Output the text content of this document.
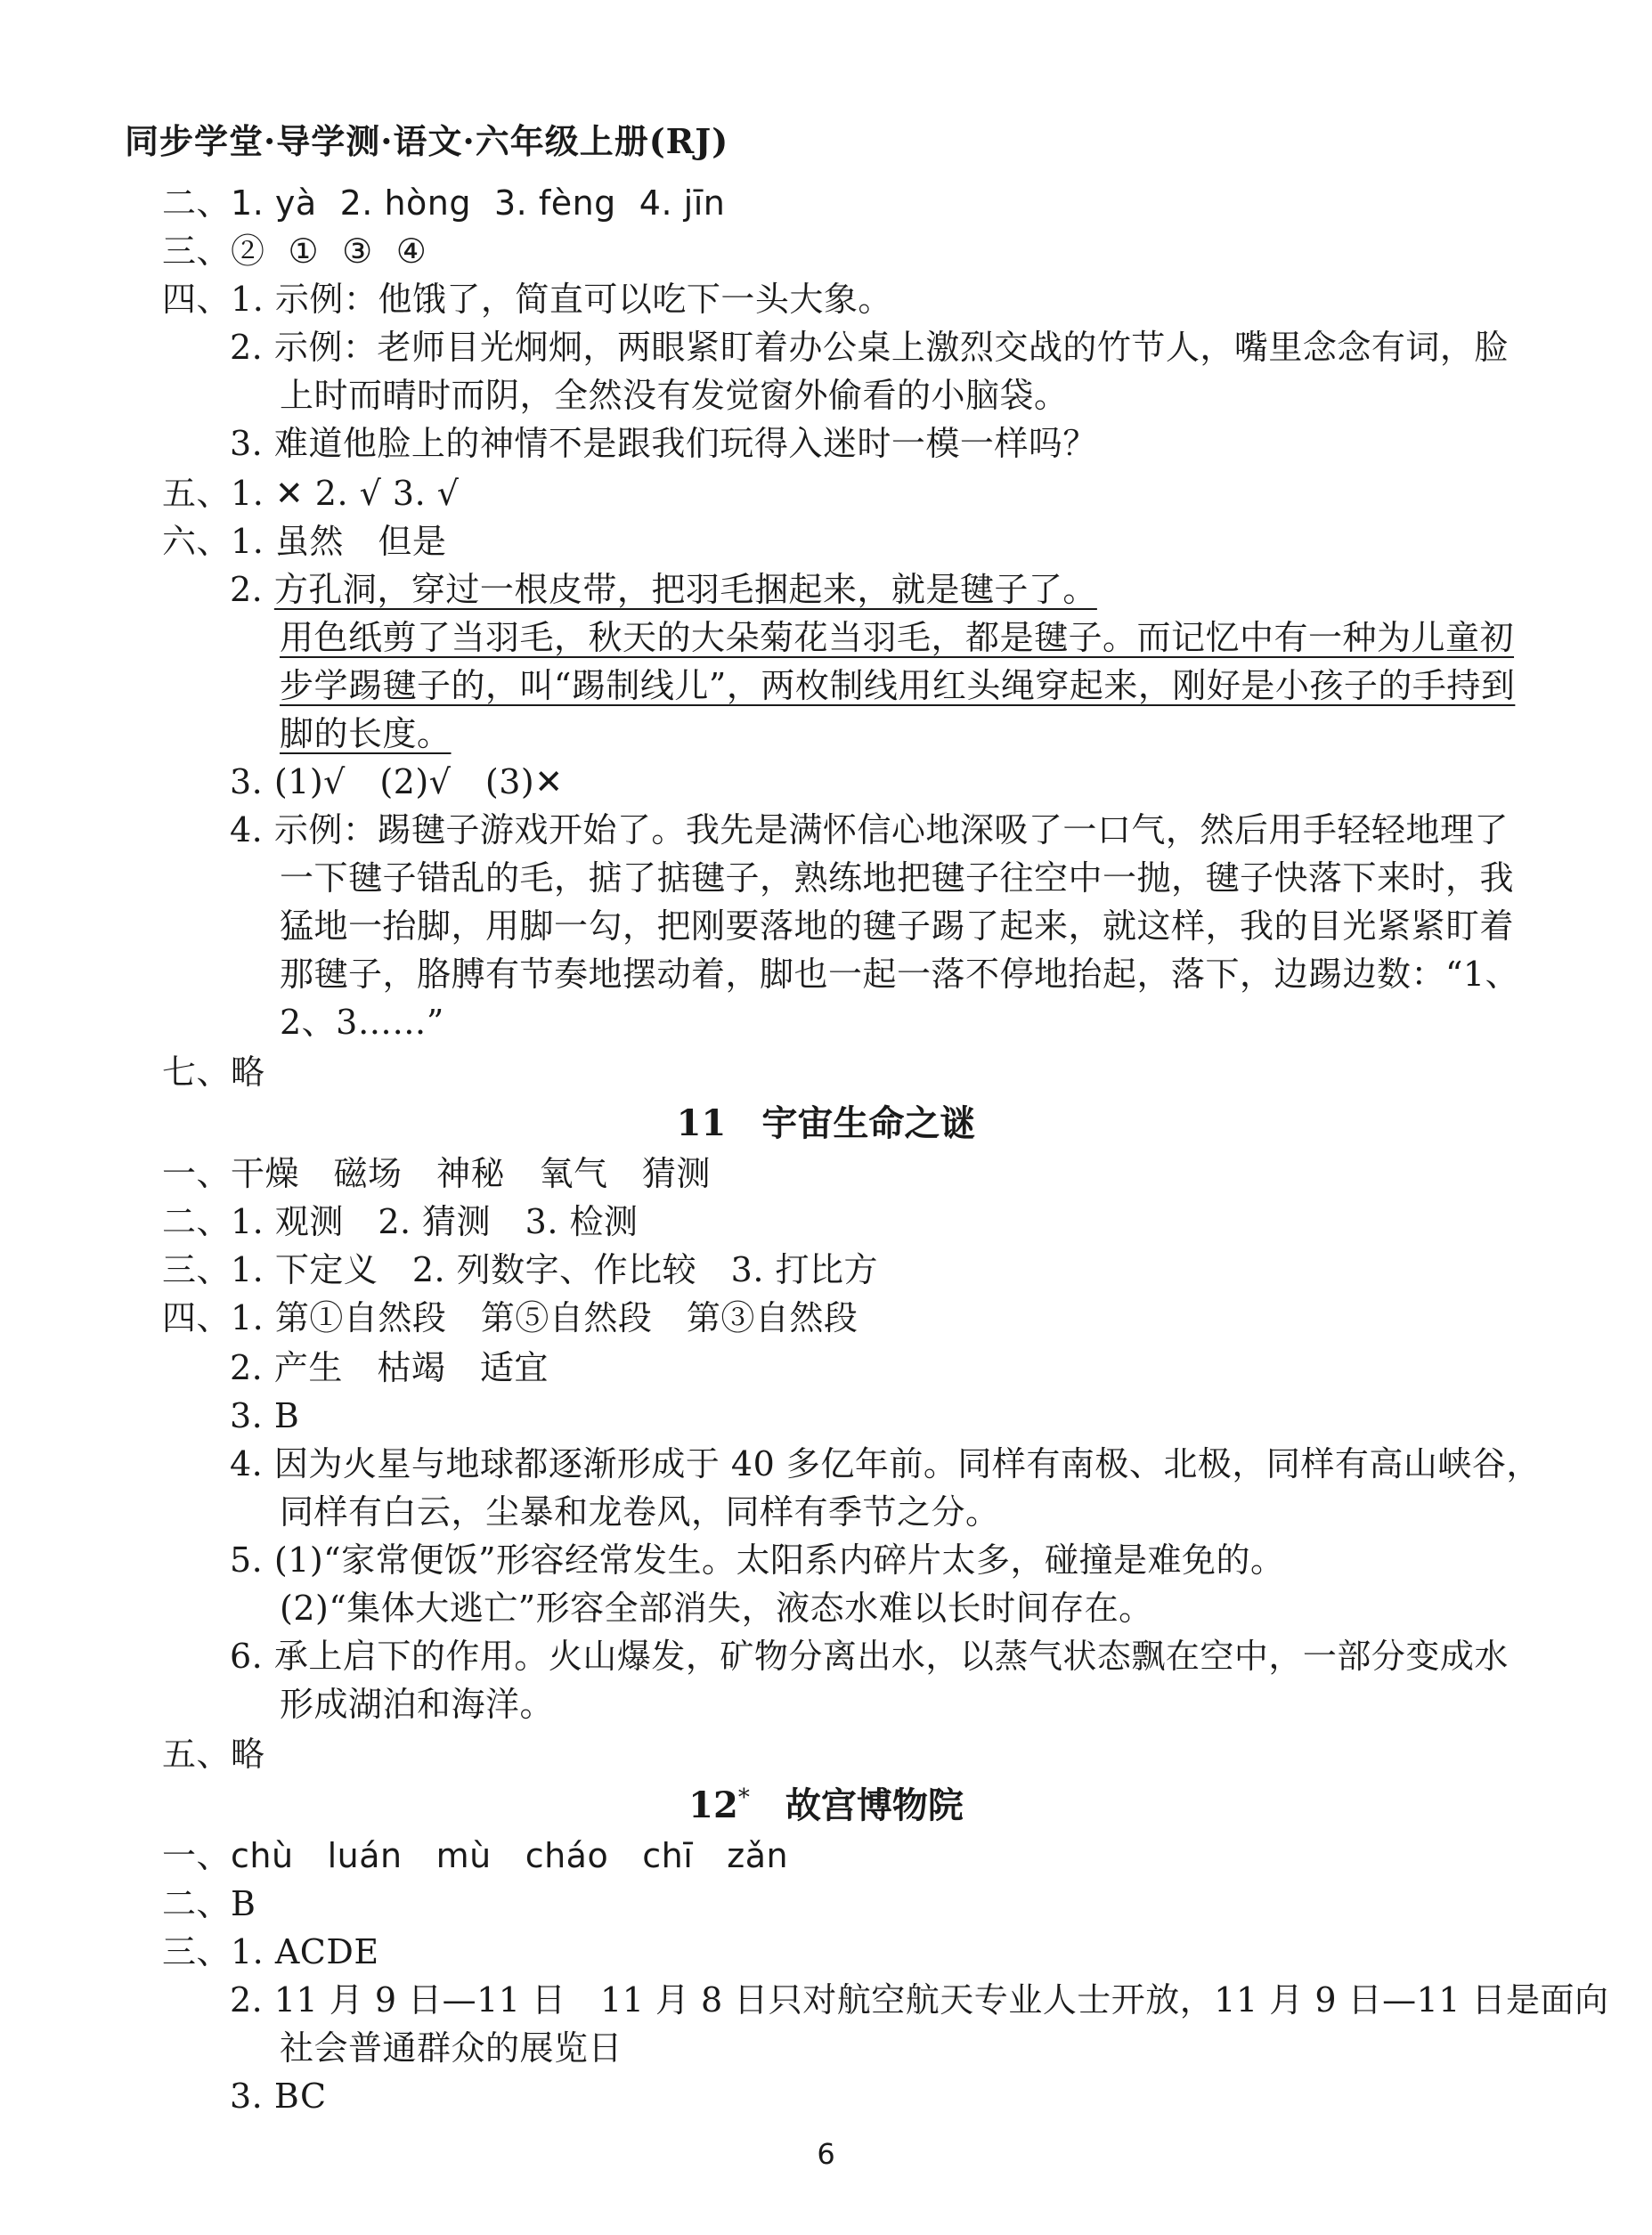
同步学堂·导学测·语文·六年级上册(RJ)
二、1. yà 2. hòng 3. fèng 4. jīn
三、② ① ③ ④
四、1. 示例：他饿了，简直可以吃下一头大象。
2. 示例：老师目光炯炯，两眼紧盯着办公桌上激烈交战的竹节人，嘴里念念有词，脸
上时而晴时而阴，全然没有发觉窗外偷看的小脑袋。
3. 难道他脸上的神情不是跟我们玩得入迷时一模一样吗？
五、1. ✕ 2. √ 3. √
六、1. 虽然　但是
2. 方孔洞，穿过一根皮带，把羽毛捆起来，就是毽子了。
用色纸剪了当羽毛，秋天的大朵菊花当羽毛，都是毽子。而记忆中有一种为儿童初
步学踢毽子的，叫“踢制线儿”，两枚制线用红头绳穿起来，刚好是小孩子的手持到
脚的长度。
3. (1)√　(2)√　(3)✕
4. 示例：踢毽子游戏开始了。我先是满怀信心地深吸了一口气，然后用手轻轻地理了
一下毽子错乱的毛，掂了掂毽子，熟练地把毽子往空中一抛，毽子快落下来时，我
猛地一抬脚，用脚一勾，把刚要落地的毽子踢了起来，就这样，我的目光紧紧盯着
那毽子，胳膊有节奏地摆动着，脚也一起一落不停地抬起，落下，边踢边数：“1、
2、3……”
七、略
11　宇宙生命之谜
一、干燥　磁场　神秘　氧气　猜测
二、1. 观测　2. 猜测　3. 检测
三、1. 下定义　2. 列数字、作比较　3. 打比方
四、1. 第①自然段　第⑤自然段　第③自然段
2. 产生　枯竭　适宜
3. B
4. 因为火星与地球都逐渐形成于 40 多亿年前。同样有南极、北极，同样有高山峡谷，
同样有白云，尘暴和龙卷风，同样有季节之分。
5. (1)“家常便饭”形容经常发生。太阳系内碎片太多，碰撞是难免的。
(2)“集体大逃亡”形容全部消失，液态水难以长时间存在。
6. 承上启下的作用。火山爆发，矿物分离出水，以蒸气状态飘在空中，一部分变成水
形成湖泊和海洋。
五、略
12* 故宫博物院
一、chù luán mù cháo chī zǎn
二、B
三、1. ACDE
2. 11 月 9 日—11 日　11 月 8 日只对航空航天专业人士开放，11 月 9 日—11 日是面向
社会普通群众的展览日
3. BC
6
